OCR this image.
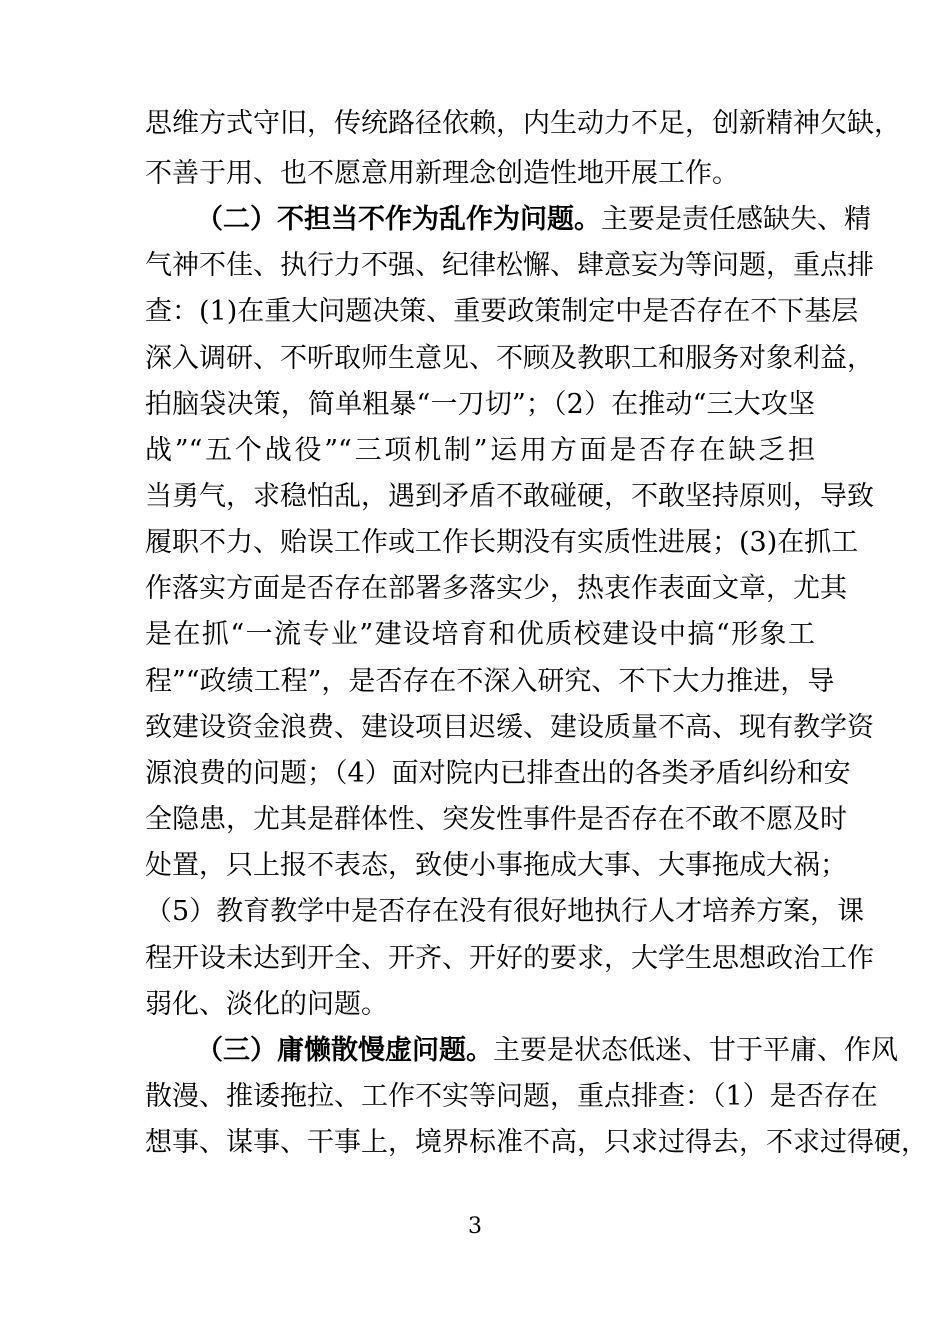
思维方式守旧，传统路径依赖，内生动力不足，创新精神欠缺，
不善于用、也不愿意用新理念创造性地开展工作。
（二）不担当不作为乱作为问题。主要是责任感缺失、精
气神不佳、执行力不强、纪律松懈、肆意妄为等问题，重点排
查：(1)在重大问题决策、重要政策制定中是否存在不下基层
深入调研、不听取师生意见、不顾及教职工和服务对象利益，
拍脑袋决策，简单粗暴“一刀切”；（2）在推动“三大攻坚
战”“五个战役”“三项机制”运用方面是否存在缺乏担
当勇气，求稳怕乱，遇到矛盾不敢碰硬，不敢坚持原则，导致
履职不力、贻误工作或工作长期没有实质性进展；(3)在抓工
作落实方面是否存在部署多落实少，热衷作表面文章，尤其
是在抓“一流专业”建设培育和优质校建设中搞“形象工
程”“政绩工程”，是否存在不深入研究、不下大力推进，导
致建设资金浪费、建设项目迟缓、建设质量不高、现有教学资
源浪费的问题；（4）面对院内已排查出的各类矛盾纠纷和安
全隐患，尤其是群体性、突发性事件是否存在不敢不愿及时
处置，只上报不表态，致使小事拖成大事、大事拖成大祸；
（5）教育教学中是否存在没有很好地执行人才培养方案，课
程开设未达到开全、开齐、开好的要求，大学生思想政治工作
弱化、淡化的问题。
（三）庸懒散慢虚问题。主要是状态低迷、甘于平庸、作风
散漫、推诿拖拉、工作不实等问题，重点排查：（1）是否存在
想事、谋事、干事上，境界标准不高，只求过得去，不求过得硬，
3
